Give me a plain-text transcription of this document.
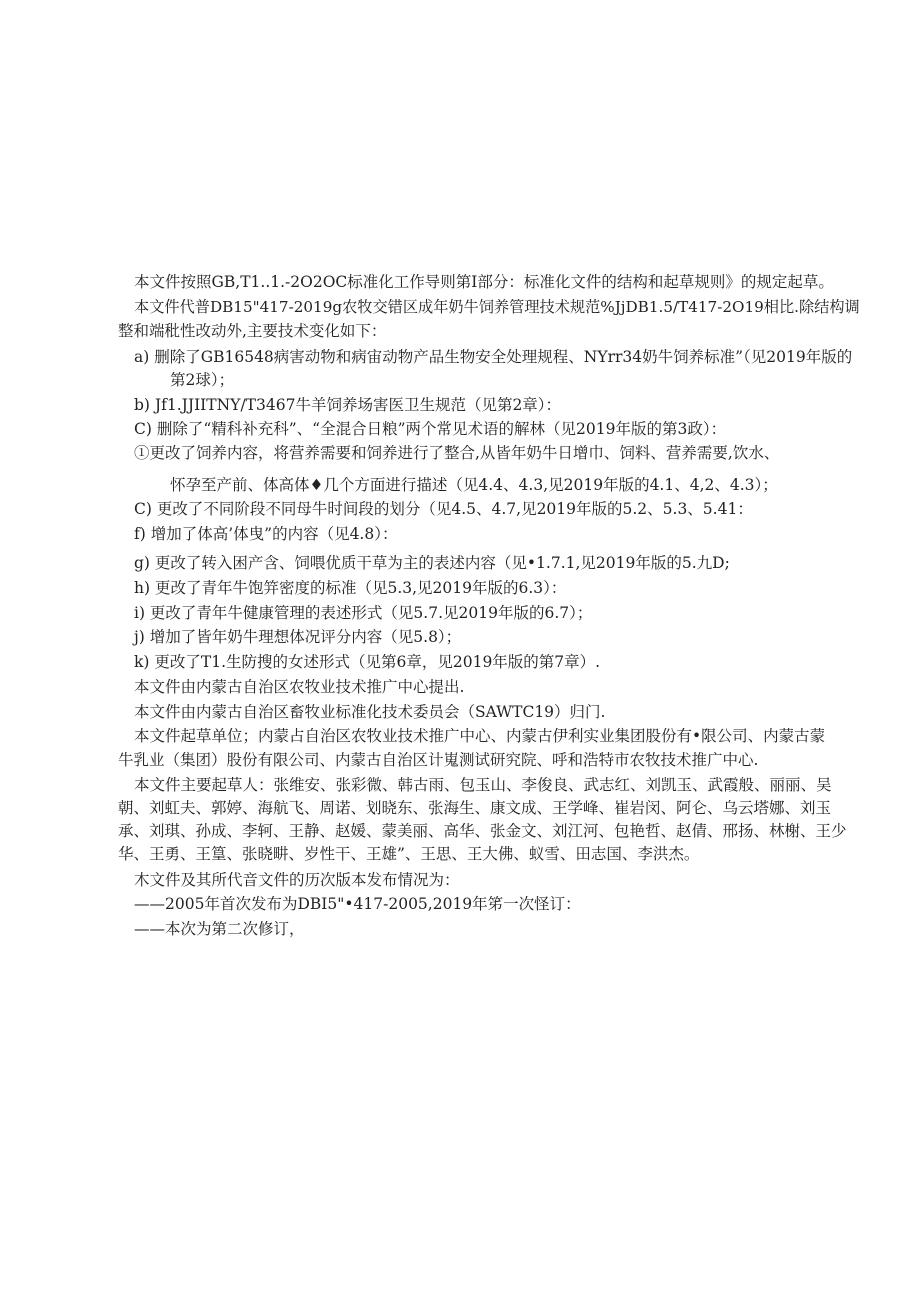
本文件按照GB,T1..1.-2O2OC标准化工作导则第I部分：标准化文件的结构和起草规则》的规定起草。
本文件代普DB15"417-2019g农牧交错区成年奶牛饲养管理技术规范%JjDB1.5/T417-2O19相比.除结构调
整和端秕性改动外,主要技术变化如下：
a) 删除了GB16548病害动物和病宙动物产品生物安全处理规程、NYrr34奶牛饲养标准”（见2019年版的
第2球）；
b) Jf1.JJIITNY/T3467牛羊饲养场害医卫生规范（见第2章）：
C) 删除了“精科补充科”、“全混合日粮”两个常见术语的解林（见2019年版的第3政）：
①更改了饲养内容，将营养需要和饲养进行了整合,从皆年奶牛日增巾、饲料、营养需要,饮水、
怀孕至产前、体高体♦几个方面进行描述（见4.4、4.3,见2019年版的4.1、4,2、4.3）；
C) 更改了不同阶段不同母牛时间段的划分（见4.5、4.7,见2019年版的5.2、5.3、5.41：
f) 增加了体高’体曳”的内容（见4.8）：
g) 更改了转入困产含、饲喂优质干草为主的表述内容（见•1.7.1,见2019年版的5.九D;
h) 更改了青年牛饱笄密度的标准（见5.3,见2019年版的6.3）：
i) 更改了青年牛健康管理的表述形式（见5.7.见2019年版的6.7）；
j) 增加了皆年奶牛理想体况评分内容（见5.8）；
k) 更改了T1.生防搜的女述形式（见第6章，见2019年版的第7章）.
本文件由内蒙古自治区农牧业技术推广中心提出.
本文件由内蒙古自治区畜牧业标准化技术委员会（SAWTC19）归门.
本文件起草单位；内蒙占自治区农牧业技术推广中心、内蒙古伊利实业集团股份有•限公司、内蒙古蒙
牛乳业（集团）股份有限公司、内蒙古自治区计嵬测试研究院、呼和浩特市农牧技术推广中心.
本文件主要起草人：张维安、张彩微、韩古雨、包玉山、李俊良、武志红、刘凯玉、武霞般、丽丽、吴
朝、刘虹夫、郭婷、海航飞、周诺、划晓东、张海生、康文成、王学峰、崔岩闵、阿仑、乌云塔娜、刘玉
承、刘琪、孙成、李轲、王静、赵媛、蒙美丽、高华、张金文、刘江河、包艳哲、赵倩、邢扬、林榭、王少
华、王勇、王篁、张晓畊、岁性干、王雄”、王思、王大佛、蚁雪、田志国、李洪杰。
木文件及其所代音文件的历次版本发布情况为：
——2005年首次发布为DBI5"•417-2005,2019年笫一次怪订：
——本次为第二次修订，
